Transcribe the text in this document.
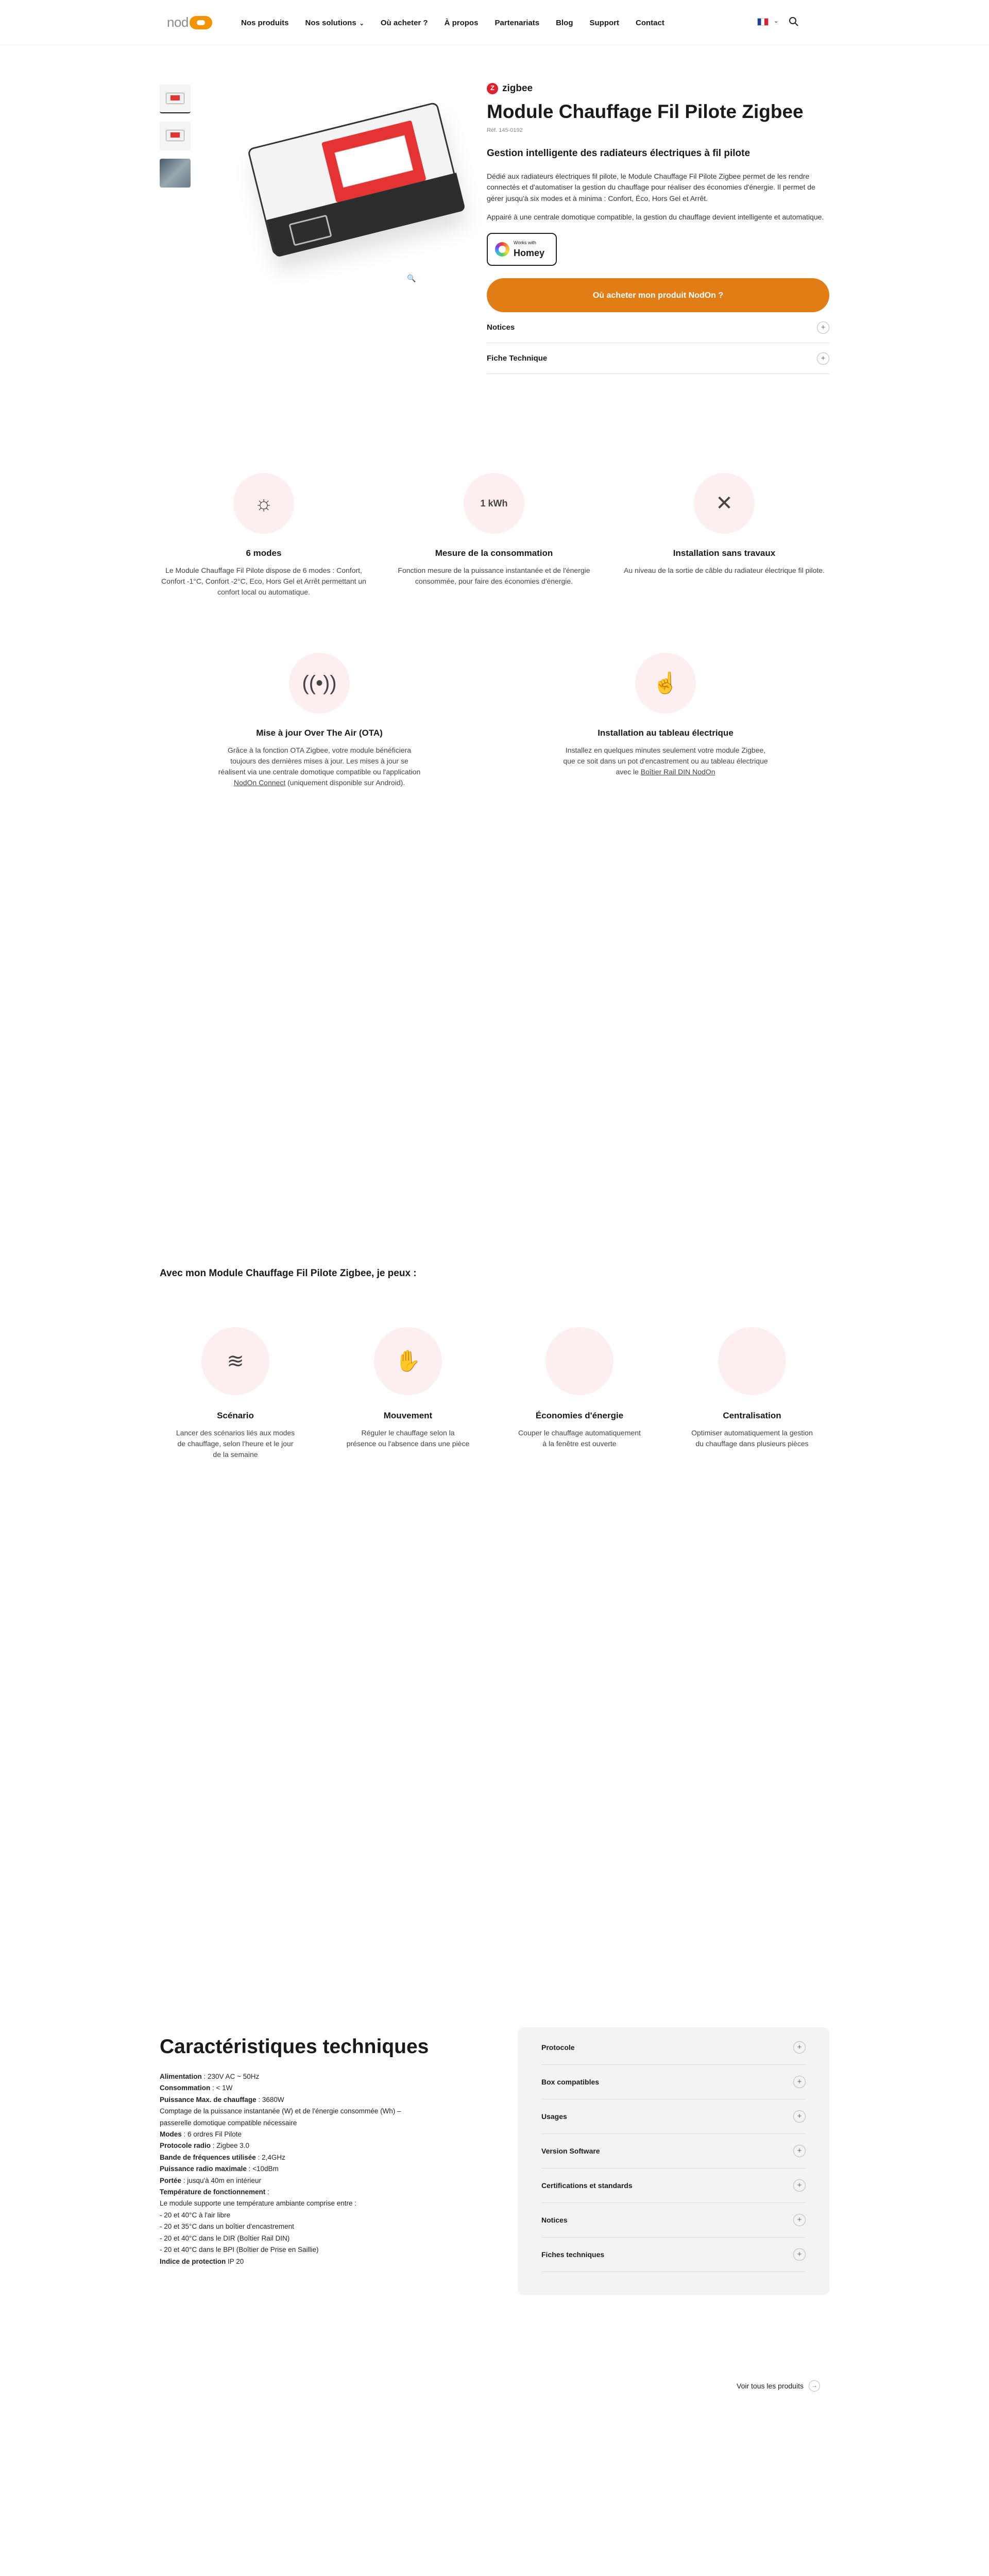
nod	Nos produits Nos solutions ⌄ Où acheter ? À propos Partenariats Blog Support Contact	⌄
🔍
Z zigbee
Module Chauffage Fil Pilote Zigbee
Réf. 145-0192
Gestion intelligente des radiateurs électriques à fil pilote

Dédié aux radiateurs électriques fil pilote, le Module Chauffage Fil Pilote Zigbee permet de les rendre connectés et d'automatiser la gestion du chauffage pour réaliser des économies d'énergie. Il permet de gérer jusqu'à six modes et à minima : Confort, Éco, Hors Gel et Arrêt.

Appairé à une centrale domotique compatible, la gestion du chauffage devient intelligente et automatique.

Works with
Homey
Où acheter mon produit NodOn ?
Notices	+
Fiche Technique	+
☼
6 modes

Le Module Chauffage Fil Pilote dispose de 6 modes : Confort, Confort -1°C, Confort -2°C, Eco, Hors Gel et Arrêt permettant un confort local ou automatique.

1 kWh
Mesure de la consommation

Fonction mesure de la puissance instantanée et de l'énergie consommée, pour faire des économies d'énergie.

✕
Installation sans travaux

Au niveau de la sortie de câble du radiateur électrique fil pilote.

((•))
Mise à jour Over The Air (OTA)

Grâce à la fonction OTA Zigbee, votre module bénéficiera toujours des dernières mises à jour. Les mises à jour se réalisent via une centrale domotique compatible ou l'application NodOn Connect (uniquement disponible sur Android).

☝
Installation au tableau électrique

Installez en quelques minutes seulement votre module Zigbee, que ce soit dans un pot d'encastrement ou au tableau électrique avec le Boîtier Rail DIN NodOn

Avec mon Module Chauffage Fil Pilote Zigbee, je peux :
≋
Scénario

Lancer des scénarios liés aux modes de chauffage, selon l'heure et le jour de la semaine

✋
Mouvement

Réguler le chauffage selon la présence ou l'absence dans une pièce

Économies d'énergie

Couper le chauffage automatiquement à la fenêtre est ouverte

Centralisation

Optimiser automatiquement la gestion du chauffage dans plusieurs pièces

Caractéristiques techniques
Alimentation : 230V AC ~ 50Hz
Consommation : < 1W
Puissance Max. de chauffage : 3680W
Comptage de la puissance instantanée (W) et de l'énergie consommée (Wh) – passerelle domotique compatible nécessaire
Modes : 6 ordres Fil Pilote
Protocole radio : Zigbee 3.0
Bande de fréquences utilisée : 2,4GHz
Puissance radio maximale : <10dBm
Portée : jusqu'à 40m en intérieur
Température de fonctionnement :
Le module supporte une température ambiante comprise entre :
- 20 et 40°C à l'air libre
- 20 et 35°C dans un boîtier d'encastrement
- 20 et 40°C dans le DIR (Boîtier Rail DIN)
- 20 et 40°C dans le BPI (Boîtier de Prise en Saillie)
Indice de protection IP 20
Protocole	+
Box compatibles	+
Usages	+
Version Software	+
Certifications et standards	+
Notices	+
Fiches techniques	+
Voir tous les produits	→
